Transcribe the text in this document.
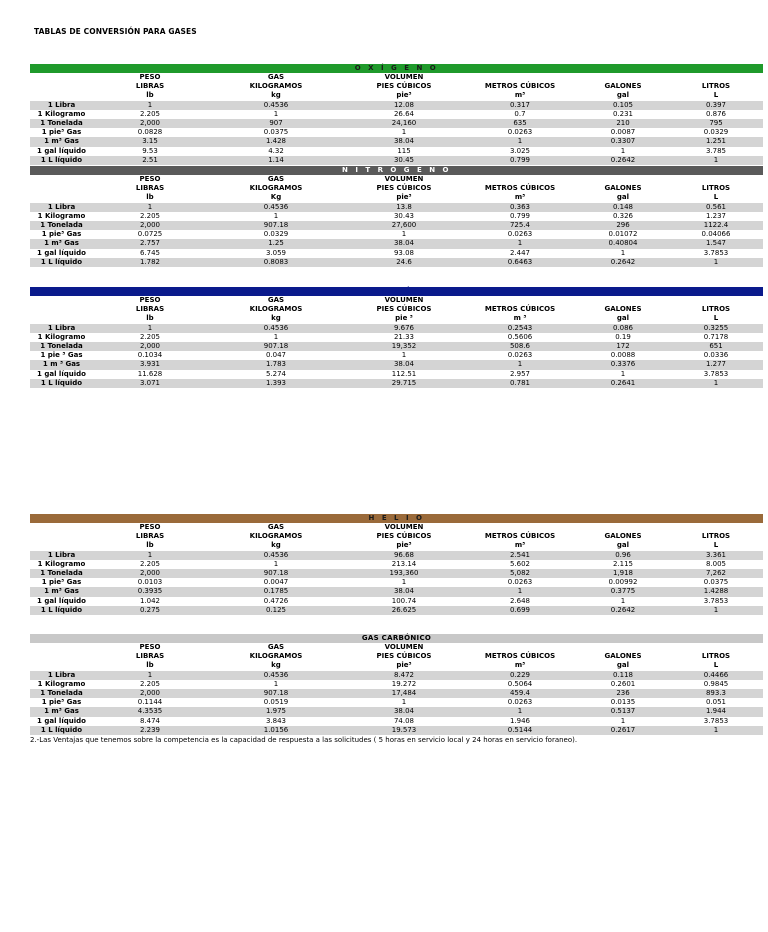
TABLAS DE CONVERSIÓN PARA GASES
O X Í G E N O
PESO	GAS	VOLUMEN
LIBRAS	KILOGRAMOS	PIES CÚBICOS	METROS CÚBICOS	GALONES	LITROS
lb	kg	pie³	m³	gal	L
1 Libra	1	0.4536	12.08	0.317	0.105	0.397
1 Kilogramo	2.205	1	26.64	0.7	0.231	0.876
1 Tonelada	2,000	907	24,160	635	210	795
1 pie³ Gas	0.0828	0.0375	1	0.0263	0.0087	0.0329
1 m³ Gas	3.15	1.428	38.04	1	0.3307	1.251
1 gal líquido	9.53	4.32	115	3.025	1	3.785
1 L líquido	2.51	1.14	30.45	0.799	0.2642	1
N I T R Ó G E N O
PESO	GAS	VOLUMEN
LIBRAS	KILOGRAMOS	PIES CÚBICOS	METROS CÚBICOS	GALONES	LITROS
lb	Kg	pie³	m³	gal	L
1 Libra	1	0.4536	13.8	0.363	0.148	0.561
1 Kilogramo	2.205	1	30.43	0.799	0.326	1.237
1 Tonelada	2,000	907.18	27,600	725.4	296	1122.4
1 pie³ Gas	0.0725	0.0329	1	0.0263	0.01072	0.04066
1 m³ Gas	2.757	1.25	38.04	1	0.40804	1.547
1 gal líquido	6.745	3.059	93.08	2.447	1	3.7853
1 L líquido	1.782	0.8083	24.6	0.6463	0.2642	1
A R G Ó N
PESO	GAS	VOLUMEN
LIBRAS	KILOGRAMOS	PIES CÚBICOS	METROS CÚBICOS	GALONES	LITROS
lb	kg	pie ³	m ³	gal	L
1 Libra	1	0.4536	9.676	0.2543	0.086	0.3255
1 Kilogramo	2.205	1	21.33	0.5606	0.19	0.7178
1 Tonelada	2,000	907.18	19,352	508.6	172	651
1 pie ³ Gas	0.1034	0.047	1	0.0263	0.0088	0.0336
1 m ³ Gas	3.931	1.783	38.04	1	0.3376	1.277
1 gal líquido	11.628	5.274	112.51	2.957	1	3.7853
1 L líquido	3.071	1.393	29.715	0.781	0.2641	1
H E L I O
PESO	GAS	VOLUMEN
LIBRAS	KILOGRAMOS	PIES CÚBICOS	METROS CÚBICOS	GALONES	LITROS
lb	kg	pie³	m³	gal	L
1 Libra	1	0.4536	96.68	2.541	0.96	3.361
1 Kilogramo	2.205	1	213.14	5.602	2.115	8.005
1 Tonelada	2,000	907.18	193,360	5,082	1,918	7,262
1 pie³ Gas	0.0103	0.0047	1	0.0263	0.00992	0.0375
1 m³ Gas	0.3935	0.1785	38.04	1	0.3775	1.4288
1 gal líquido	1.042	0.4726	100.74	2.648	1	3.7853
1 L líquido	0.275	0.125	26.625	0.699	0.2642	1
GAS CARBÓNICO
PESO	GAS	VOLUMEN
LIBRAS	KILOGRAMOS	PIES CÚBICOS	METROS CÚBICOS	GALONES	LITROS
lb	kg	pie³	m³	gal	L
1 Libra	1	0.4536	8.472	0.229	0.118	0.4466
1 Kilogramo	2.205	1	19.272	0.5064	0.2601	0.9845
1 Tonelada	2,000	907.18	17,484	459.4	236	893.3
1 pie³ Gas	0.1144	0.0519	1	0.0263	0.0135	0.051
1 m³ Gas	4.3535	1.975	38.04	1	0.5137	1.944
1 gal líquido	8.474	3.843	74.08	1.946	1	3.7853
1 L líquido	2.239	1.0156	19.573	0.5144	0.2617	1
2.-Las Ventajas que tenemos sobre la competencia es la capacidad de respuesta a las solicitudes ( 5 horas en servicio local y 24 horas en servicio foraneo).
